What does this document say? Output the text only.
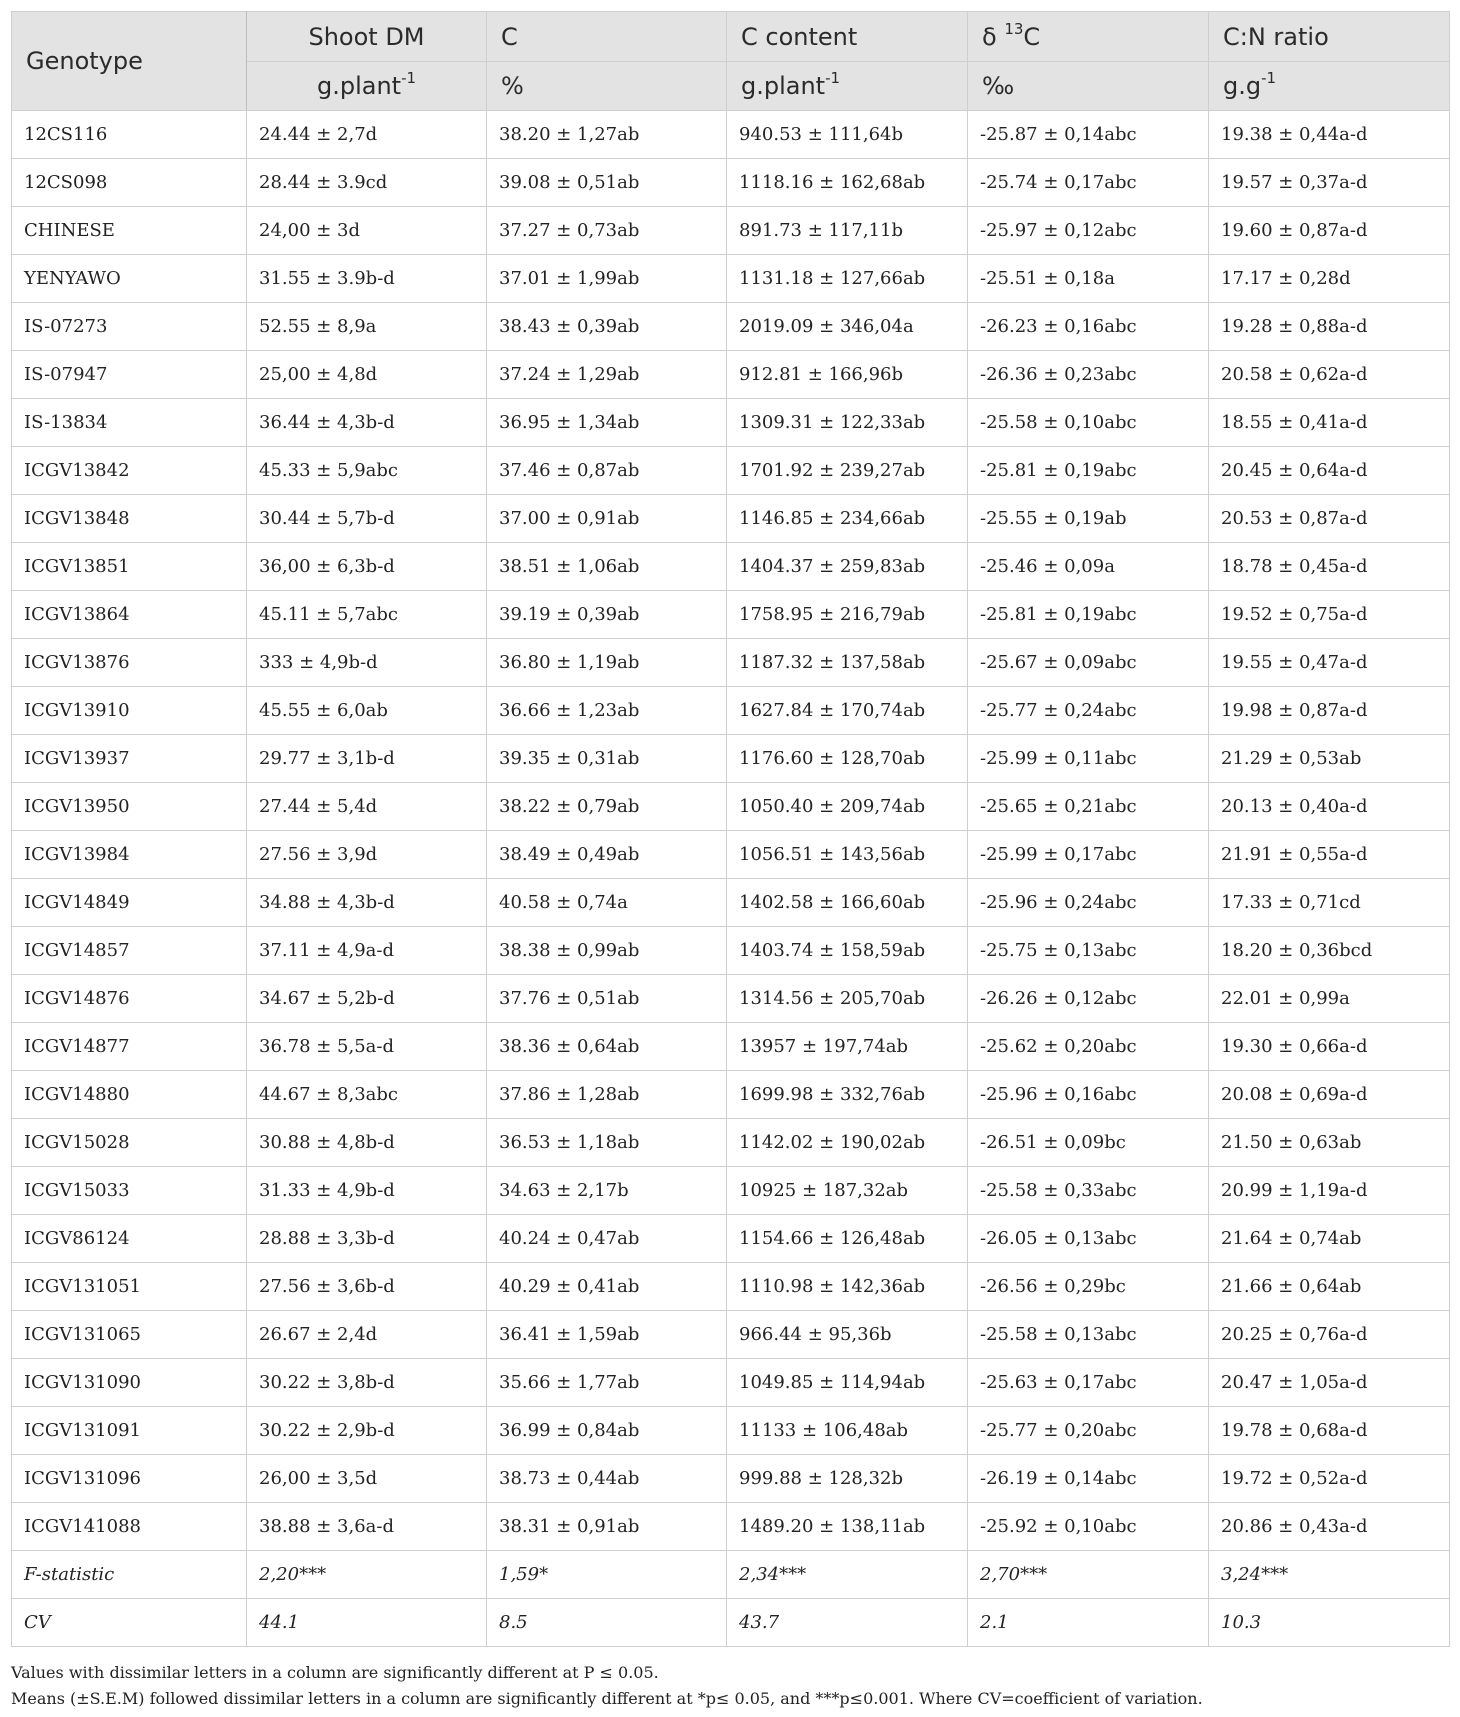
Genotype	Shoot DM	C	C content	δ $^{13}$C	C:N ratio
	g.plant$^{-1}$	%	g.plant$^{-1}$	‰	$g.g^{-1}$
12CS116	24.44 ± 2,7d	38.20 ± 1,27ab	940.53 ± 111,64b	-25.87 ± 0,14abc	19.38 ± 0,44a-d
12CS098	28.44 ± 3.9cd	39.08 ± 0,51ab	1118.16 ± 162,68ab	-25.74 ± 0,17abc	19.57 ± 0,37a-d
CHINESE	24,00 ± 3d	37.27 ± 0,73ab	891.73 ± 117,11b	-25.97 ± 0,12abc	19.60 ± 0,87a-d
YENYAWO	31.55 ± 3.9b-d	37.01 ± 1,99ab	1131.18 ± 127,66ab	-25.51 ± 0,18a	17.17 ± 0,28d
IS-07273	52.55 ± 8,9a	38.43 ± 0,39ab	2019.09 ± 346,04a	-26.23 ± 0,16abc	19.28 ± 0,88a-d
IS-07947	25,00 ± 4,8d	37.24 ± 1,29ab	912.81 ± 166,96b	-26.36 ± 0,23abc	20.58 ± 0,62a-d
IS-13834	36.44 ± 4,3b-d	36.95 ± 1,34ab	1309.31 ± 122,33ab	-25.58 ± 0,10abc	18.55 ± 0,41a-d
ICGV13842	45.33 ± 5,9abc	37.46 ± 0,87ab	1701.92 ± 239,27ab	-25.81 ± 0,19abc	20.45 ± 0,64a-d
ICGV13848	30.44 ± 5,7b-d	37.00 ± 0,91ab	1146.85 ± 234,66ab	-25.55 ± 0,19ab	20.53 ± 0,87a-d
ICGV13851	36,00 ± 6,3b-d	38.51 ± 1,06ab	1404.37 ± 259,83ab	-25.46 ± 0,09a	18.78 ± 0,45a-d
ICGV13864	45.11 ± 5,7abc	39.19 ± 0,39ab	1758.95 ± 216,79ab	-25.81 ± 0,19abc	19.52 ± 0,75a-d
ICGV13876	333 ± 4,9b-d	36.80 ± 1,19ab	1187.32 ± 137,58ab	-25.67 ± 0,09abc	19.55 ± 0,47a-d
ICGV13910	45.55 ± 6,0ab	36.66 ± 1,23ab	1627.84 ± 170,74ab	-25.77 ± 0,24abc	19.98 ± 0,87a-d
ICGV13937	29.77 ± 3,1b-d	39.35 ± 0,31ab	1176.60 ± 128,70ab	-25.99 ± 0,11abc	21.29 ± 0,53ab
ICGV13950	27.44 ± 5,4d	38.22 ± 0,79ab	1050.40 ± 209,74ab	-25.65 ± 0,21abc	20.13 ± 0,40a-d
ICGV13984	27.56 ± 3,9d	38.49 ± 0,49ab	1056.51 ± 143,56ab	-25.99 ± 0,17abc	21.91 ± 0,55a-d
ICGV14849	34.88 ± 4,3b-d	40.58 ± 0,74a	1402.58 ± 166,60ab	-25.96 ± 0,24abc	17.33 ± 0,71cd
ICGV14857	37.11 ± 4,9a-d	38.38 ± 0,99ab	1403.74 ± 158,59ab	-25.75 ± 0,13abc	18.20 ± 0,36bcd
ICGV14876	34.67 ± 5,2b-d	37.76 ± 0,51ab	1314.56 ± 205,70ab	-26.26 ± 0,12abc	22.01 ± 0,99a
ICGV14877	36.78 ± 5,5a-d	38.36 ± 0,64ab	13957 ± 197,74ab	-25.62 ± 0,20abc	19.30 ± 0,66a-d
ICGV14880	44.67 ± 8,3abc	37.86 ± 1,28ab	1699.98 ± 332,76ab	-25.96 ± 0,16abc	20.08 ± 0,69a-d
ICGV15028	30.88 ± 4,8b-d	36.53 ± 1,18ab	1142.02 ± 190,02ab	-26.51 ± 0,09bc	21.50 ± 0,63ab
ICGV15033	31.33 ± 4,9b-d	34.63 ± 2,17b	10925 ± 187,32ab	-25.58 ± 0,33abc	20.99 ± 1,19a-d
ICGV86124	28.88 ± 3,3b-d	40.24 ± 0,47ab	1154.66 ± 126,48ab	-26.05 ± 0,13abc	21.64 ± 0,74ab
ICGV131051	27.56 ± 3,6b-d	40.29 ± 0,41ab	1110.98 ± 142,36ab	-26.56 ± 0,29bc	21.66 ± 0,64ab
ICGV131065	26.67 ± 2,4d	36.41 ± 1,59ab	966.44 ± 95,36b	-25.58 ± 0,13abc	20.25 ± 0,76a-d
ICGV131090	30.22 ± 3,8b-d	35.66 ± 1,77ab	1049.85 ± 114,94ab	-25.63 ± 0,17abc	20.47 ± 1,05a-d
ICGV131091	30.22 ± 2,9b-d	36.99 ± 0,84ab	11133 ± 106,48ab	-25.77 ± 0,20abc	19.78 ± 0,68a-d
ICGV131096	26,00 ± 3,5d	38.73 ± 0,44ab	999.88 ± 128,32b	-26.19 ± 0,14abc	19.72 ± 0,52a-d
ICGV141088	38.88 ± 3,6a-d	38.31 ± 0,91ab	1489.20 ± 138,11ab	-25.92 ± 0,10abc	20.86 ± 0,43a-d
F-statistic	2,20***	1,59*	2,34***	2,70***	3,24***
CV	44.1	8.5	43.7	2.1	10.3
Values with dissimilar letters in a column are significantly different at P ≤ 0.05.
Means (±S.E.M) followed dissimilar letters in a column are significantly different at *p≤ 0.05, and ***p≤0.001. Where CV=coefficient of variation.
